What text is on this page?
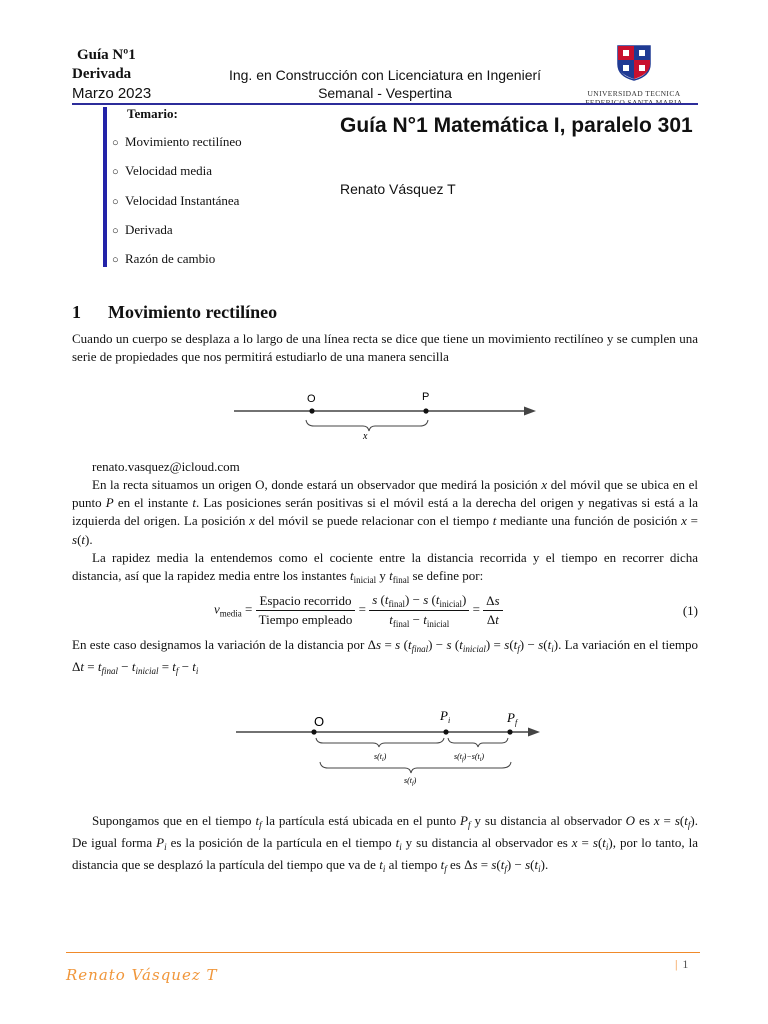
Guía Nº1
Derivada
Marzo 2023
Ing. en Construcción con Licenciatura en Ingenierí
Semanal - Vespertina	UNIVERSIDAD TECNICA
FEDERICO SANTA MARIA
Temario:
○ Movimiento rectilíneo
○ Velocidad media
○ Velocidad Instantánea
○ Derivada
○ Razón de cambio
Guía N°1 Matemática I, paralelo 301
Renato Vásquez T
1 Movimiento rectilíneo
Cuando un cuerpo se desplaza a lo largo de una línea recta se dice que tiene un movimiento rectilíneo y se cumplen una serie de propiedades que nos permitirá estudiarlo de una manera sencilla
O	P
x
renato.vasquez@icloud.com
En la recta situamos un origen O, donde estará un observador que medirá la posición x del móvil que se ubica en el punto P en el instante t. Las posiciones serán positivas si el móvil está a la derecha del origen y negativas si está a la izquierda del origen. La posición x del móvil se puede relacionar con el tiempo t mediante una función de posición x = s(t).
La rapidez media la entendemos como el cociente entre la distancia recorrida y el tiempo en recorrer dicha distancia, así que la rapidez media entre los instantes $t_{inicial}$ y $t_{final}$ se define por:
$v_{media} = \frac{\text{Espacio recorrido}}{\text{Tiempo empleado}} = \frac{s (t_{final}) - s (t_{inicial})}{t_{final} - t_{inicial}} = \frac{\Delta s}{\Delta t}$	(1)
En este caso designamos la variación de la distancia por Δs = s $(t_{final}) - s$ $(t_{inicial}) = s(t_f) - s(t_i)$. La variación en el tiempo $\Delta t = t_{final} - t_{inicial} = t_f - t_i$
O	$P_i$	$P_f$
$s(t_i)$	$s(t_f)-s(t_i)$
$s(t_f)$
Supongamos que en el tiempo $t_f$ la partícula está ubicada en el punto $P_f$ y su distancia al observador O es $x = s(t_f)$. De igual forma $P_i$ es la posición de la partícula en el tiempo $t_i$ y su distancia al observador es $x = s(t_i)$, por lo tanto, la distancia que se desplazó la partícula del tiempo que va de $t_i$ al tiempo $t_f$ es $\Delta s = s(t_f) - s(t_i)$.
Renato Vásquez T
| 1
